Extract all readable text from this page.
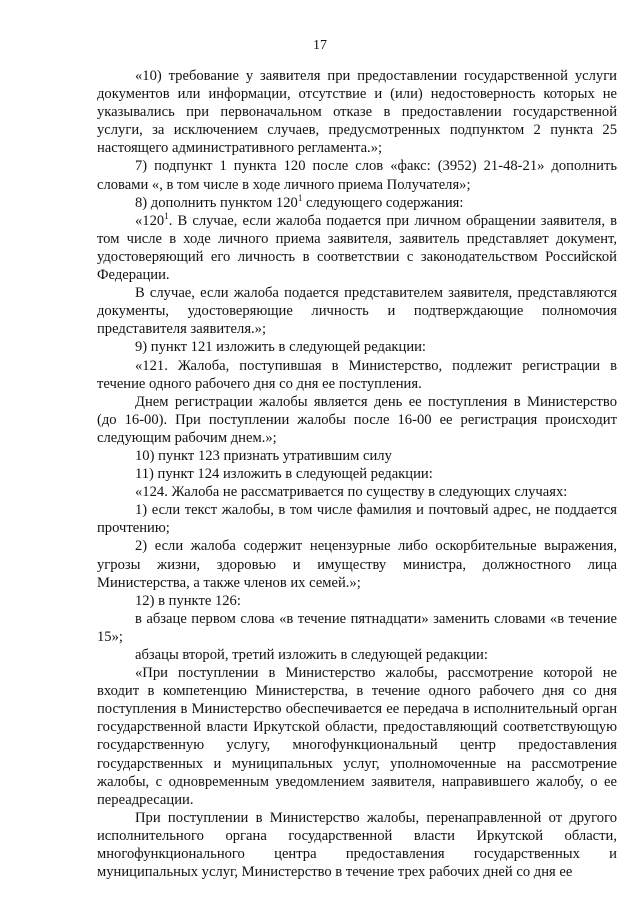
17

«10) требование у заявителя при предоставлении государственной услуги документов или информации, отсутствие и (или) недостоверность которых не указывались при первоначальном отказе в предоставлении государственной услуги, за исключением случаев, предусмотренных подпунктом 2 пункта 25 настоящего административного регламента.»;

7) подпункт 1 пункта 120 после слов «факс: (3952) 21-48-21» дополнить словами «, в том числе в ходе личного приема Получателя»;

8) дополнить пунктом $120^1$ следующего содержания:

«$120^1$. В случае, если жалоба подается при личном обращении заявителя, в том числе в ходе личного приема заявителя, заявитель представляет документ, удостоверяющий его личность в соответствии с законодательством Российской Федерации.

В случае, если жалоба подается представителем заявителя, представляются документы, удостоверяющие личность и подтверждающие полномочия представителя заявителя.»;

9) пункт 121 изложить в следующей редакции:

«121. Жалоба, поступившая в Министерство, подлежит регистрации в течение одного рабочего дня со дня ее поступления.

Днем регистрации жалобы является день ее поступления в Министерство (до 16-00). При поступлении жалобы после 16-00 ее регистрация происходит следующим рабочим днем.»;

10) пункт 123 признать утратившим силу

11) пункт 124 изложить в следующей редакции:

«124. Жалоба не рассматривается по существу в следующих случаях:

1) если текст жалобы, в том числе фамилия и почтовый адрес, не поддается прочтению;

2) если жалоба содержит нецензурные либо оскорбительные выражения, угрозы жизни, здоровью и имуществу министра, должностного лица Министерства, а также членов их семей.»;

12) в пункте 126:

в абзаце первом слова «в течение пятнадцати» заменить словами «в течение 15»;

абзацы второй, третий изложить в следующей редакции:

«При поступлении в Министерство жалобы, рассмотрение которой не входит в компетенцию Министерства, в течение одного рабочего дня со дня поступления в Министерство обеспечивается ее передача в исполнительный орган государственной власти Иркутской области, предоставляющий соответствующую государственную услугу, многофункциональный центр предоставления государственных и муниципальных услуг, уполномоченные на рассмотрение жалобы, с одновременным уведомлением заявителя, направившего жалобу, о ее переадресации.

При поступлении в Министерство жалобы, перенаправленной от другого исполнительного органа государственной власти Иркутской области, многофункционального центра предоставления государственных и муниципальных услуг, Министерство в течение трех рабочих дней со дня ее
